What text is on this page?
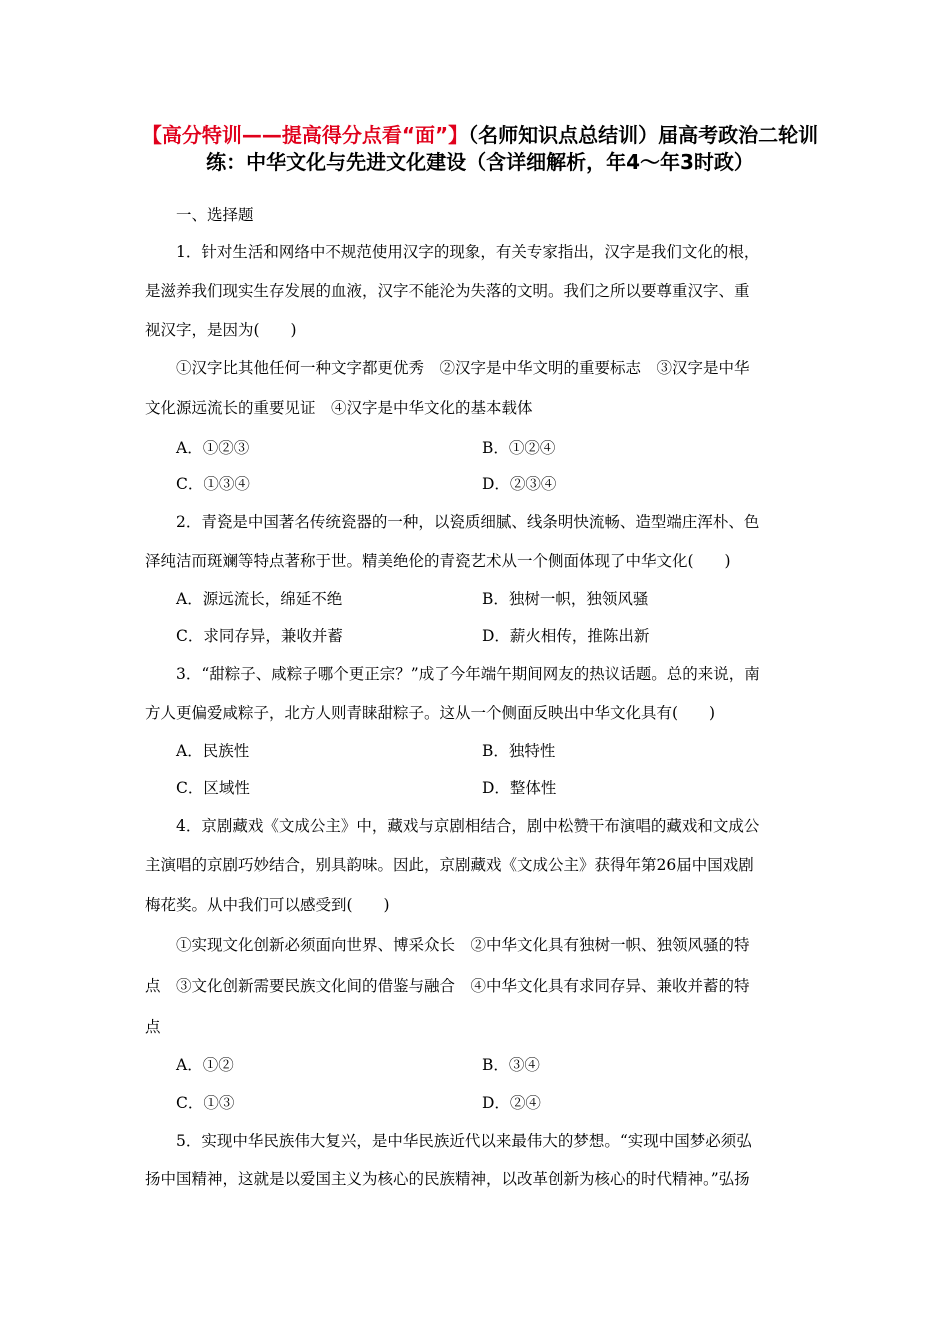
【高分特训——提高得分点看“面”】（名师知识点总结训）届高考政治二轮训练：中华文化与先进文化建设（含详细解析，年4～年3时政）
一、选择题
1．针对生活和网络中不规范使用汉字的现象，有关专家指出，汉字是我们文化的根，
是滋养我们现实生存发展的血液，汉字不能沦为失落的文明。我们之所以要尊重汉字、重
视汉字，是因为(　　)
①汉字比其他任何一种文字都更优秀　②汉字是中华文明的重要标志　③汉字是中华
文化源远流长的重要见证　④汉字是中华文化的基本载体
A．①②③	B．①②④
C．①③④	D．②③④
2．青瓷是中国著名传统瓷器的一种，以瓷质细腻、线条明快流畅、造型端庄浑朴、色
泽纯洁而斑斓等特点著称于世。精美绝伦的青瓷艺术从一个侧面体现了中华文化(　　)
A．源远流长，绵延不绝	B．独树一帜，独领风骚
C．求同存异，兼收并蓄	D．薪火相传，推陈出新
3．“甜粽子、咸粽子哪个更正宗？”成了今年端午期间网友的热议话题。总的来说，南
方人更偏爱咸粽子，北方人则青睐甜粽子。这从一个侧面反映出中华文化具有(　　)
A．民族性	B．独特性
C．区域性	D．整体性
4．京剧藏戏《文成公主》中，藏戏与京剧相结合，剧中松赞干布演唱的藏戏和文成公
主演唱的京剧巧妙结合，别具韵味。因此，京剧藏戏《文成公主》获得年第26届中国戏剧
梅花奖。从中我们可以感受到(　　)
①实现文化创新必须面向世界、博采众长　②中华文化具有独树一帜、独领风骚的特
点　③文化创新需要民族文化间的借鉴与融合　④中华文化具有求同存异、兼收并蓄的特
点
A．①②	B．③④
C．①③	D．②④
5．实现中华民族伟大复兴，是中华民族近代以来最伟大的梦想。“实现中国梦必须弘
扬中国精神，这就是以爱国主义为核心的民族精神，以改革创新为核心的时代精神。”弘扬
